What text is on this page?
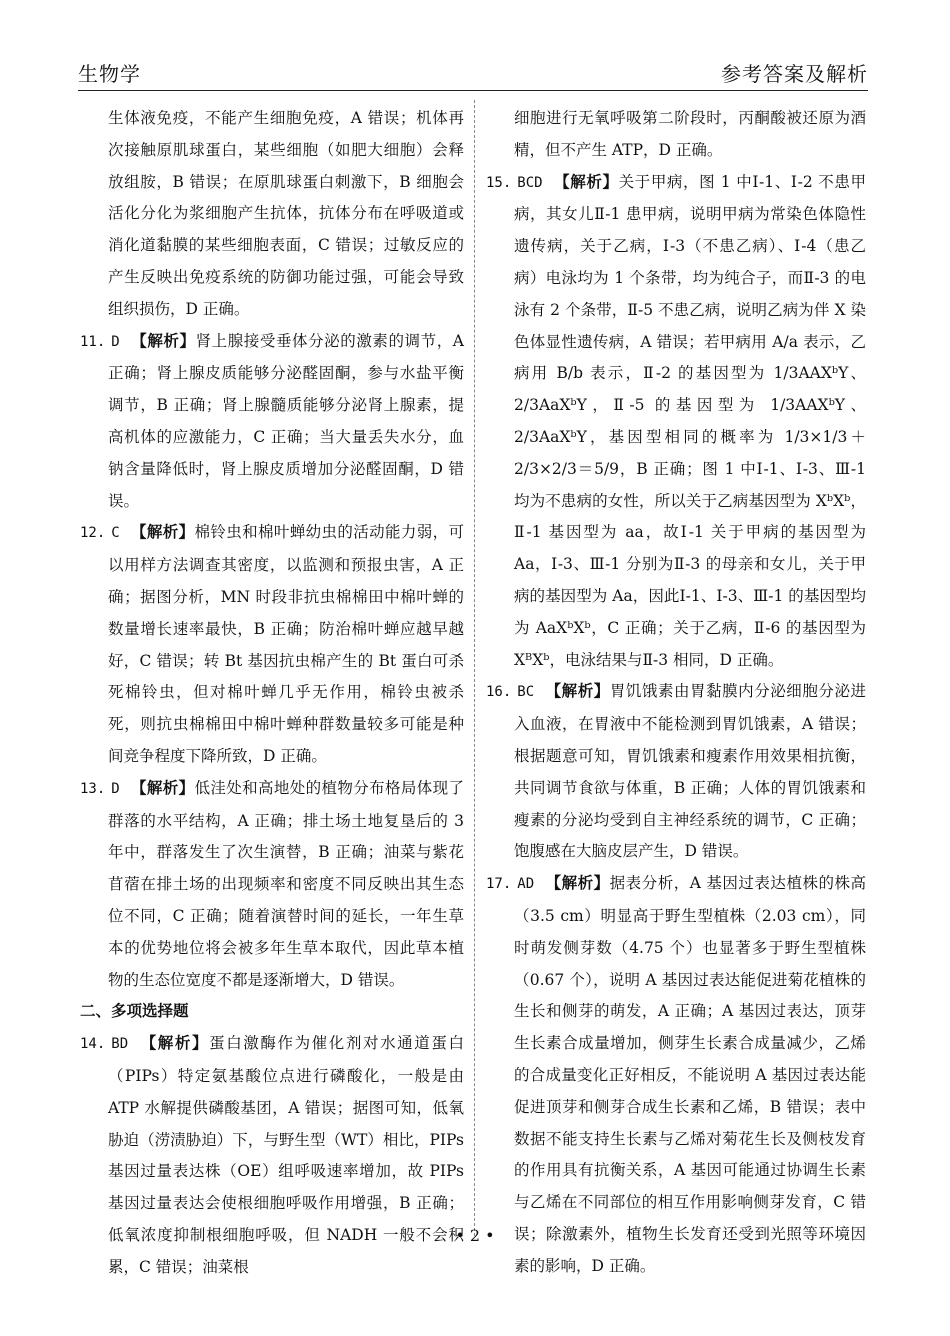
生物学	参考答案及解析

生体液免疫，不能产生细胞免疫，A 错误；机体再次接触原肌球蛋白，某些细胞（如肥大细胞）会释放组胺，B 错误；在原肌球蛋白刺激下，B 细胞会活化分化为浆细胞产生抗体，抗体分布在呼吸道或消化道黏膜的某些细胞表面，C 错误；过敏反应的产生反映出免疫系统的防御功能过强，可能会导致组织损伤，D 正确。

11. D 【解析】肾上腺接受垂体分泌的激素的调节，A 正确；肾上腺皮质能够分泌醛固酮，参与水盐平衡调节，B 正确；肾上腺髓质能够分泌肾上腺素，提高机体的应激能力，C 正确；当大量丢失水分，血钠含量降低时，肾上腺皮质增加分泌醛固酮，D 错误。

12. C 【解析】棉铃虫和棉叶蝉幼虫的活动能力弱，可以用样方法调查其密度，以监测和预报虫害，A 正确；据图分析，MN 时段非抗虫棉棉田中棉叶蝉的数量增长速率最快，B 正确；防治棉叶蝉应越早越好，C 错误；转 Bt 基因抗虫棉产生的 Bt 蛋白可杀死棉铃虫，但对棉叶蝉几乎无作用，棉铃虫被杀死，则抗虫棉棉田中棉叶蝉种群数量较多可能是种间竞争程度下降所致，D 正确。

13. D 【解析】低洼处和高地处的植物分布格局体现了群落的水平结构，A 正确；排土场土地复垦后的 3 年中，群落发生了次生演替，B 正确；油菜与紫花苜蓿在排土场的出现频率和密度不同反映出其生态位不同，C 正确；随着演替时间的延长，一年生草本的优势地位将会被多年生草本取代，因此草本植物的生态位宽度不都是逐渐增大，D 错误。

二、多项选择题

14. BD 【解析】蛋白激酶作为催化剂对水通道蛋白（PIPs）特定氨基酸位点进行磷酸化，一般是由 ATP 水解提供磷酸基团，A 错误；据图可知，低氧胁迫（涝渍胁迫）下，与野生型（WT）相比，PIPs 基因过量表达株（OE）组呼吸速率增加，故 PIPs 基因过量表达会使根细胞呼吸作用增强，B 正确；低氧浓度抑制根细胞呼吸，但 NADH 一般不会积累，C 错误；油菜根

细胞进行无氧呼吸第二阶段时，丙酮酸被还原为酒精，但不产生 ATP，D 正确。

15. BCD 【解析】关于甲病，图 1 中Ⅰ-1、Ⅰ-2 不患甲病，其女儿Ⅱ-1 患甲病，说明甲病为常染色体隐性遗传病，关于乙病，Ⅰ-3（不患乙病）、Ⅰ-4（患乙病）电泳均为 1 个条带，均为纯合子，而Ⅱ-3 的电泳有 2 个条带，Ⅱ-5 不患乙病，说明乙病为伴 X 染色体显性遗传病，A 错误；若甲病用 A/a 表示，乙病用 B/b 表示，Ⅱ-2 的基因型为 1/3AAXᵇY、2/3AaXᵇY，Ⅱ-5 的基因型为 1/3AAXᵇY、2/3AaXᵇY，基因型相同的概率为 1/3×1/3＋2/3×2/3＝5/9，B 正确；图 1 中Ⅰ-1、Ⅰ-3、Ⅲ-1 均为不患病的女性，所以关于乙病基因型为 XᵇXᵇ，Ⅱ-1 基因型为 aa，故Ⅰ-1 关于甲病的基因型为 Aa，Ⅰ-3、Ⅲ-1 分别为Ⅱ-3 的母亲和女儿，关于甲病的基因型为 Aa，因此Ⅰ-1、Ⅰ-3、Ⅲ-1 的基因型均为 AaXᵇXᵇ，C 正确；关于乙病，Ⅱ-6 的基因型为 XᴮXᵇ，电泳结果与Ⅱ-3 相同，D 正确。

16. BC 【解析】胃饥饿素由胃黏膜内分泌细胞分泌进入血液，在胃液中不能检测到胃饥饿素，A 错误；根据题意可知，胃饥饿素和瘦素作用效果相抗衡，共同调节食欲与体重，B 正确；人体的胃饥饿素和瘦素的分泌均受到自主神经系统的调节，C 正确；饱腹感在大脑皮层产生，D 错误。

17. AD 【解析】据表分析，A 基因过表达植株的株高（3.5 cm）明显高于野生型植株（2.03 cm），同时萌发侧芽数（4.75 个）也显著多于野生型植株（0.67 个），说明 A 基因过表达能促进菊花植株的生长和侧芽的萌发，A 正确；A 基因过表达，顶芽生长素合成量增加，侧芽生长素合成量减少，乙烯的合成量变化正好相反，不能说明 A 基因过表达能促进顶芽和侧芽合成生长素和乙烯，B 错误；表中数据不能支持生长素与乙烯对菊花生长及侧枝发育的作用具有抗衡关系，A 基因可能通过协调生长素与乙烯在不同部位的相互作用影响侧芽发育，C 错误；除激素外，植物生长发育还受到光照等环境因素的影响，D 正确。

• 2 •
